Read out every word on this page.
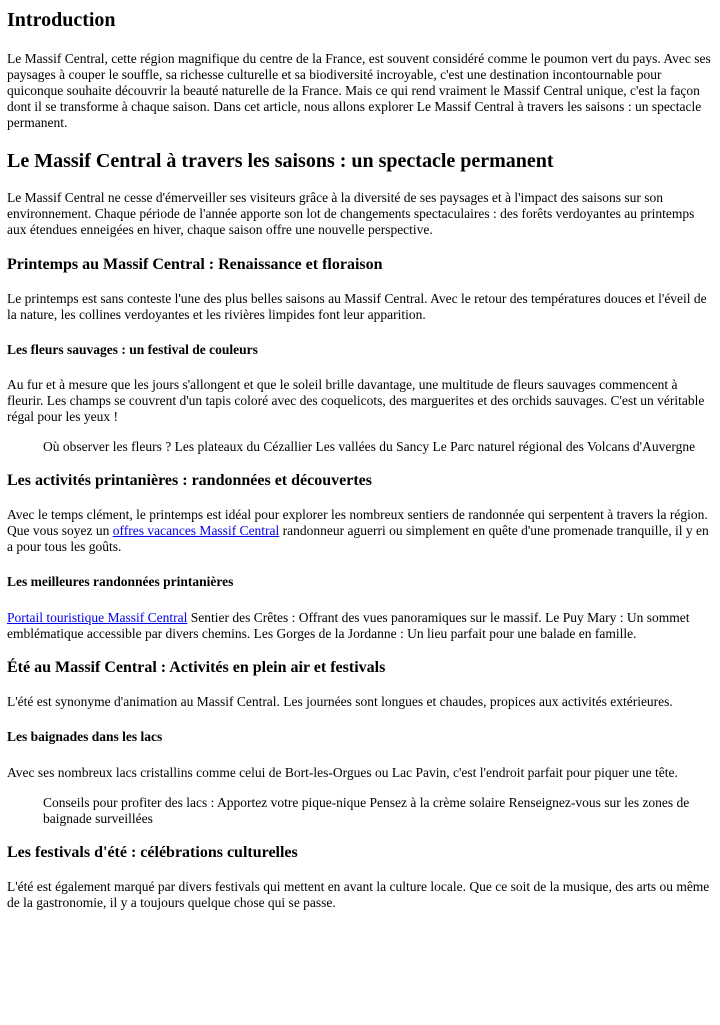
Introduction

Le Massif Central, cette région magnifique du centre de la France, est souvent considéré comme le poumon vert du pays. Avec ses paysages à couper le souffle, sa richesse culturelle et sa biodiversité incroyable, c'est une destination incontournable pour quiconque souhaite découvrir la beauté naturelle de la France. Mais ce qui rend vraiment le Massif Central unique, c'est la façon dont il se transforme à chaque saison. Dans cet article, nous allons explorer Le Massif Central à travers les saisons : un spectacle permanent.

Le Massif Central à travers les saisons : un spectacle permanent

Le Massif Central ne cesse d'émerveiller ses visiteurs grâce à la diversité de ses paysages et à l'impact des saisons sur son environnement. Chaque période de l'année apporte son lot de changements spectaculaires : des forêts verdoyantes au printemps aux étendues enneigées en hiver, chaque saison offre une nouvelle perspective.

Printemps au Massif Central : Renaissance et floraison

Le printemps est sans conteste l'une des plus belles saisons au Massif Central. Avec le retour des températures douces et l'éveil de la nature, les collines verdoyantes et les rivières limpides font leur apparition.

Les fleurs sauvages : un festival de couleurs

Au fur et à mesure que les jours s'allongent et que le soleil brille davantage, une multitude de fleurs sauvages commencent à fleurir. Les champs se couvrent d'un tapis coloré avec des coquelicots, des marguerites et des orchids sauvages. C'est un véritable régal pour les yeux !

Où observer les fleurs ? Les plateaux du Cézallier Les vallées du Sancy Le Parc naturel régional des Volcans d'Auvergne
Les activités printanières : randonnées et découvertes

Avec le temps clément, le printemps est idéal pour explorer les nombreux sentiers de randonnée qui serpentent à travers la région. Que vous soyez un offres vacances Massif Central randonneur aguerri ou simplement en quête d'une promenade tranquille, il y en a pour tous les goûts.

Les meilleures randonnées printanières

Portail touristique Massif Central Sentier des Crêtes : Offrant des vues panoramiques sur le massif. Le Puy Mary : Un sommet emblématique accessible par divers chemins. Les Gorges de la Jordanne : Un lieu parfait pour une balade en famille.

Été au Massif Central : Activités en plein air et festivals

L'été est synonyme d'animation au Massif Central. Les journées sont longues et chaudes, propices aux activités extérieures.

Les baignades dans les lacs

Avec ses nombreux lacs cristallins comme celui de Bort-les-Orgues ou Lac Pavin, c'est l'endroit parfait pour piquer une tête.

Conseils pour profiter des lacs : Apportez votre pique-nique Pensez à la crème solaire Renseignez-vous sur les zones de baignade surveillées
Les festivals d'été : célébrations culturelles

L'été est également marqué par divers festivals qui mettent en avant la culture locale. Que ce soit de la musique, des arts ou même de la gastronomie, il y a toujours quelque chose qui se passe.
